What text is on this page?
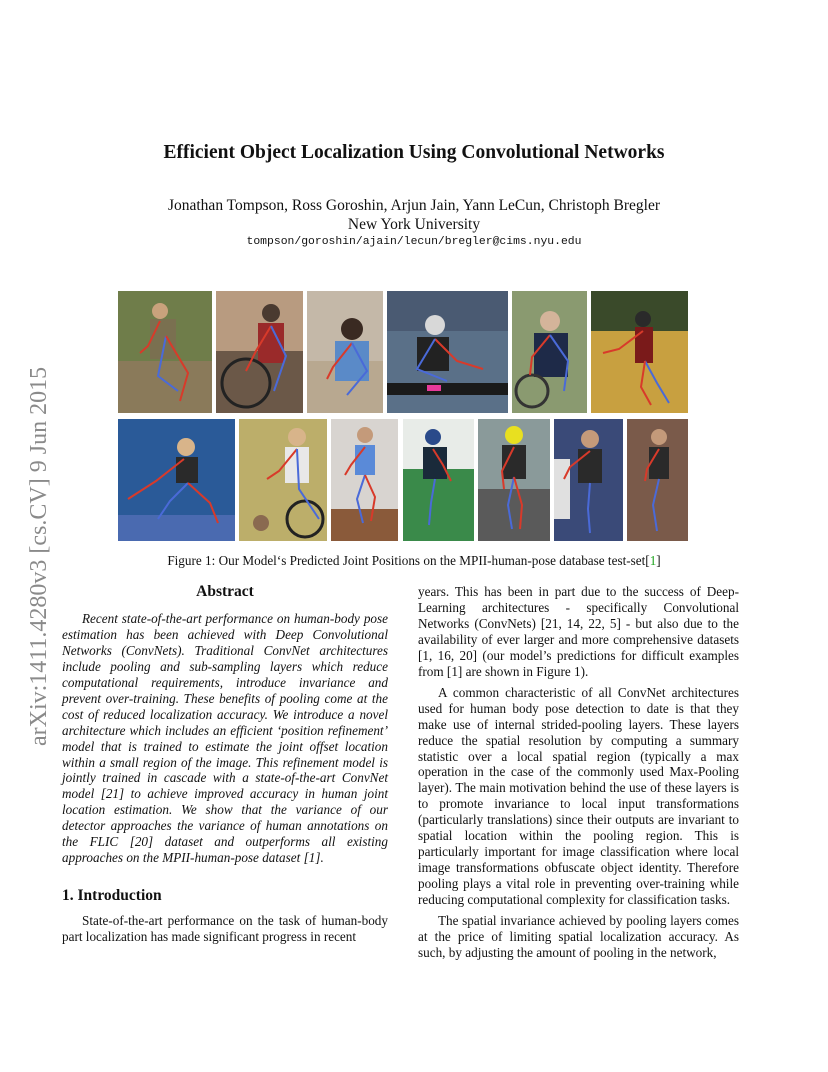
arXiv:1411.4280v3 [cs.CV] 9 Jun 2015
Efficient Object Localization Using Convolutional Networks
Jonathan Tompson, Ross Goroshin, Arjun Jain, Yann LeCun, Christoph Bregler
New York University
tompson/goroshin/ajain/lecun/bregler@cims.nyu.edu
Figure 1: Our Model‘s Predicted Joint Positions on the MPII-human-pose database test-set[1]
Abstract

Recent state-of-the-art performance on human-body pose estimation has been achieved with Deep Convolutional Networks (ConvNets). Traditional ConvNet architectures include pooling and sub-sampling layers which reduce computational requirements, introduce invariance and prevent over-training. These benefits of pooling come at the cost of reduced localization accuracy. We introduce a novel architecture which includes an efficient ‘position refinement’ model that is trained to estimate the joint offset location within a small region of the image. This refinement model is jointly trained in cascade with a state-of-the-art ConvNet model [21] to achieve improved accuracy in human joint location estimation. We show that the variance of our detector approaches the variance of human annotations on the FLIC [20] dataset and outperforms all existing approaches on the MPII-human-pose dataset [1].

1. Introduction

State-of-the-art performance on the task of human-body part localization has made significant progress in recent

years. This has been in part due to the success of Deep-Learning architectures - specifically Convolutional Networks (ConvNets) [21, 14, 22, 5] - but also due to the availability of ever larger and more comprehensive datasets [1, 16, 20] (our model’s predictions for difficult examples from [1] are shown in Figure 1).

A common characteristic of all ConvNet architectures used for human body pose detection to date is that they make use of internal strided-pooling layers. These layers reduce the spatial resolution by computing a summary statistic over a local spatial region (typically a max operation in the case of the commonly used Max-Pooling layer). The main motivation behind the use of these layers is to promote invariance to local input transformations (particularly translations) since their outputs are invariant to spatial location within the pooling region. This is particularly important for image classification where local image transformations obfuscate object identity. Therefore pooling plays a vital role in preventing over-training while reducing computational complexity for classification tasks.

The spatial invariance achieved by pooling layers comes at the price of limiting spatial localization accuracy. As such, by adjusting the amount of pooling in the network,
